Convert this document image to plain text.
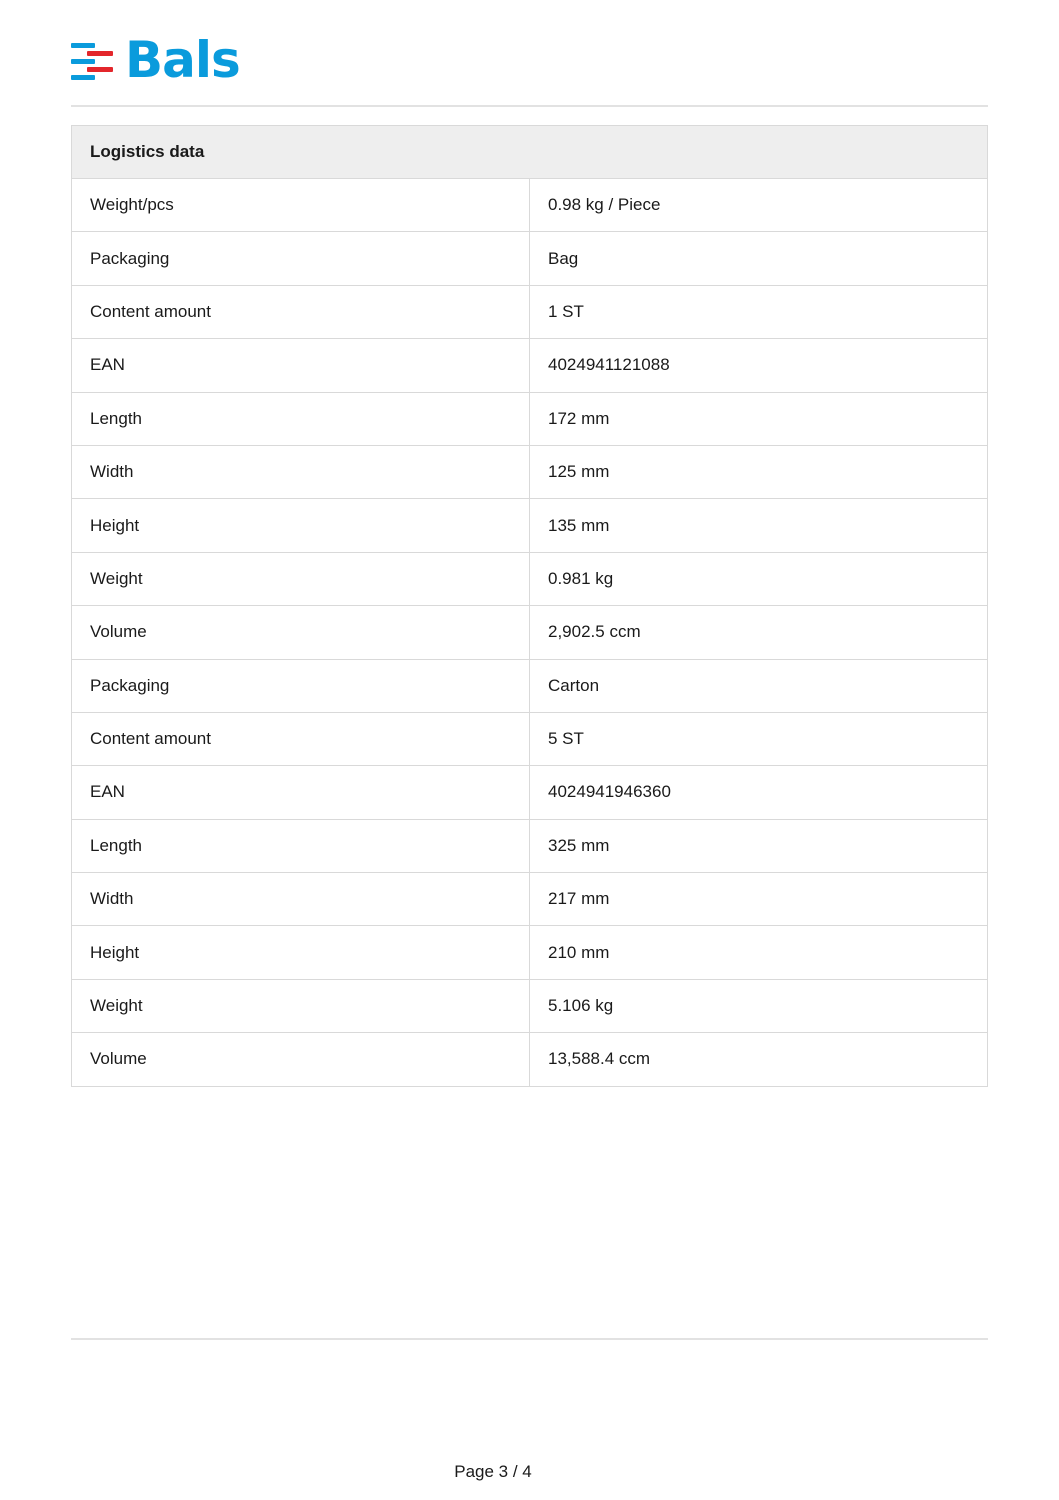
Bals
Logistics data
Weight/pcs	0.98 kg / Piece
Packaging	Bag
Content amount	1 ST
EAN	4024941121088
Length	172 mm
Width	125 mm
Height	135 mm
Weight	0.981 kg
Volume	2,902.5 ccm
Packaging	Carton
Content amount	5 ST
EAN	4024941946360
Length	325 mm
Width	217 mm
Height	210 mm
Weight	5.106 kg
Volume	13,588.4 ccm
Page 3 / 4
